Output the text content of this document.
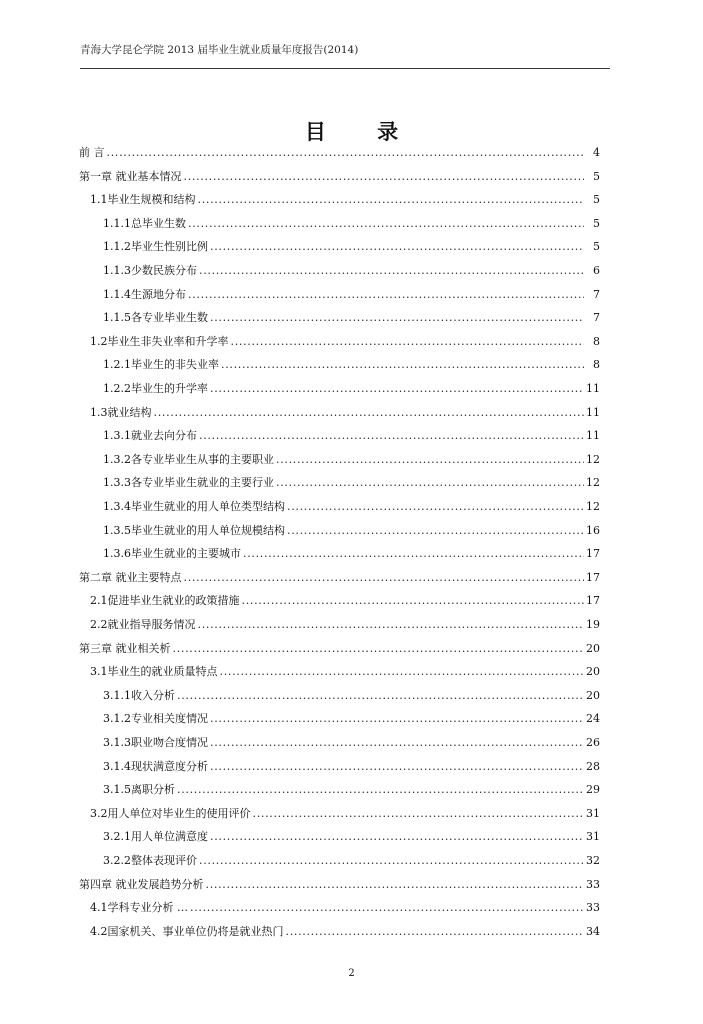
青海大学昆仑学院 2013 届毕业生就业质量年度报告(2014)
目 录
前 言 . . .	4
第一章 就业基本情况 . . .	5
1.1毕业生规模和结构 . . .	5
1.1.1总毕业生数 . . .	5
1.1.2毕业生性别比例 . . .	5
1.1.3少数民族分布 . . .	6
1.1.4生源地分布 . . .	7
1.1.5各专业毕业生数 . . .	7
1.2毕业生非失业率和升学率 . . .	8
1.2.1毕业生的非失业率 . . .	8
1.2.2毕业生的升学率 . . .	11
1.3就业结构 . . .	11
1.3.1就业去向分布 . . .	11
1.3.2各专业毕业生从事的主要职业 . . .	12
1.3.3各专业毕业生就业的主要行业 . . .	12
1.3.4毕业生就业的用人单位类型结构 . . .	12
1.3.5毕业生就业的用人单位规模结构 . . .	16
1.3.6毕业生就业的主要城市 . . .	17
第二章 就业主要特点 . . .	17
2.1促进毕业生就业的政策措施 . . .	17
2.2就业指导服务情况 . . .	19
第三章 就业相关析 . . .	20
3.1毕业生的就业质量特点 . . .	20
3.1.1收入分析 . . .	20
3.1.2专业相关度情况 . . .	24
3.1.3职业吻合度情况 . . .	26
3.1.4现状满意度分析 . . .	28
3.1.5离职分析 . . .	29
3.2用人单位对毕业生的使用评价 . . .	31
3.2.1用人单位满意度 . . .	31
3.2.2整体表现评价 . . .	32
第四章 就业发展趋势分析 . . .	33
4.1学科专业分析 … . . .	33
4.2国家机关、事业单位仍将是就业热门 . . .	34
2
